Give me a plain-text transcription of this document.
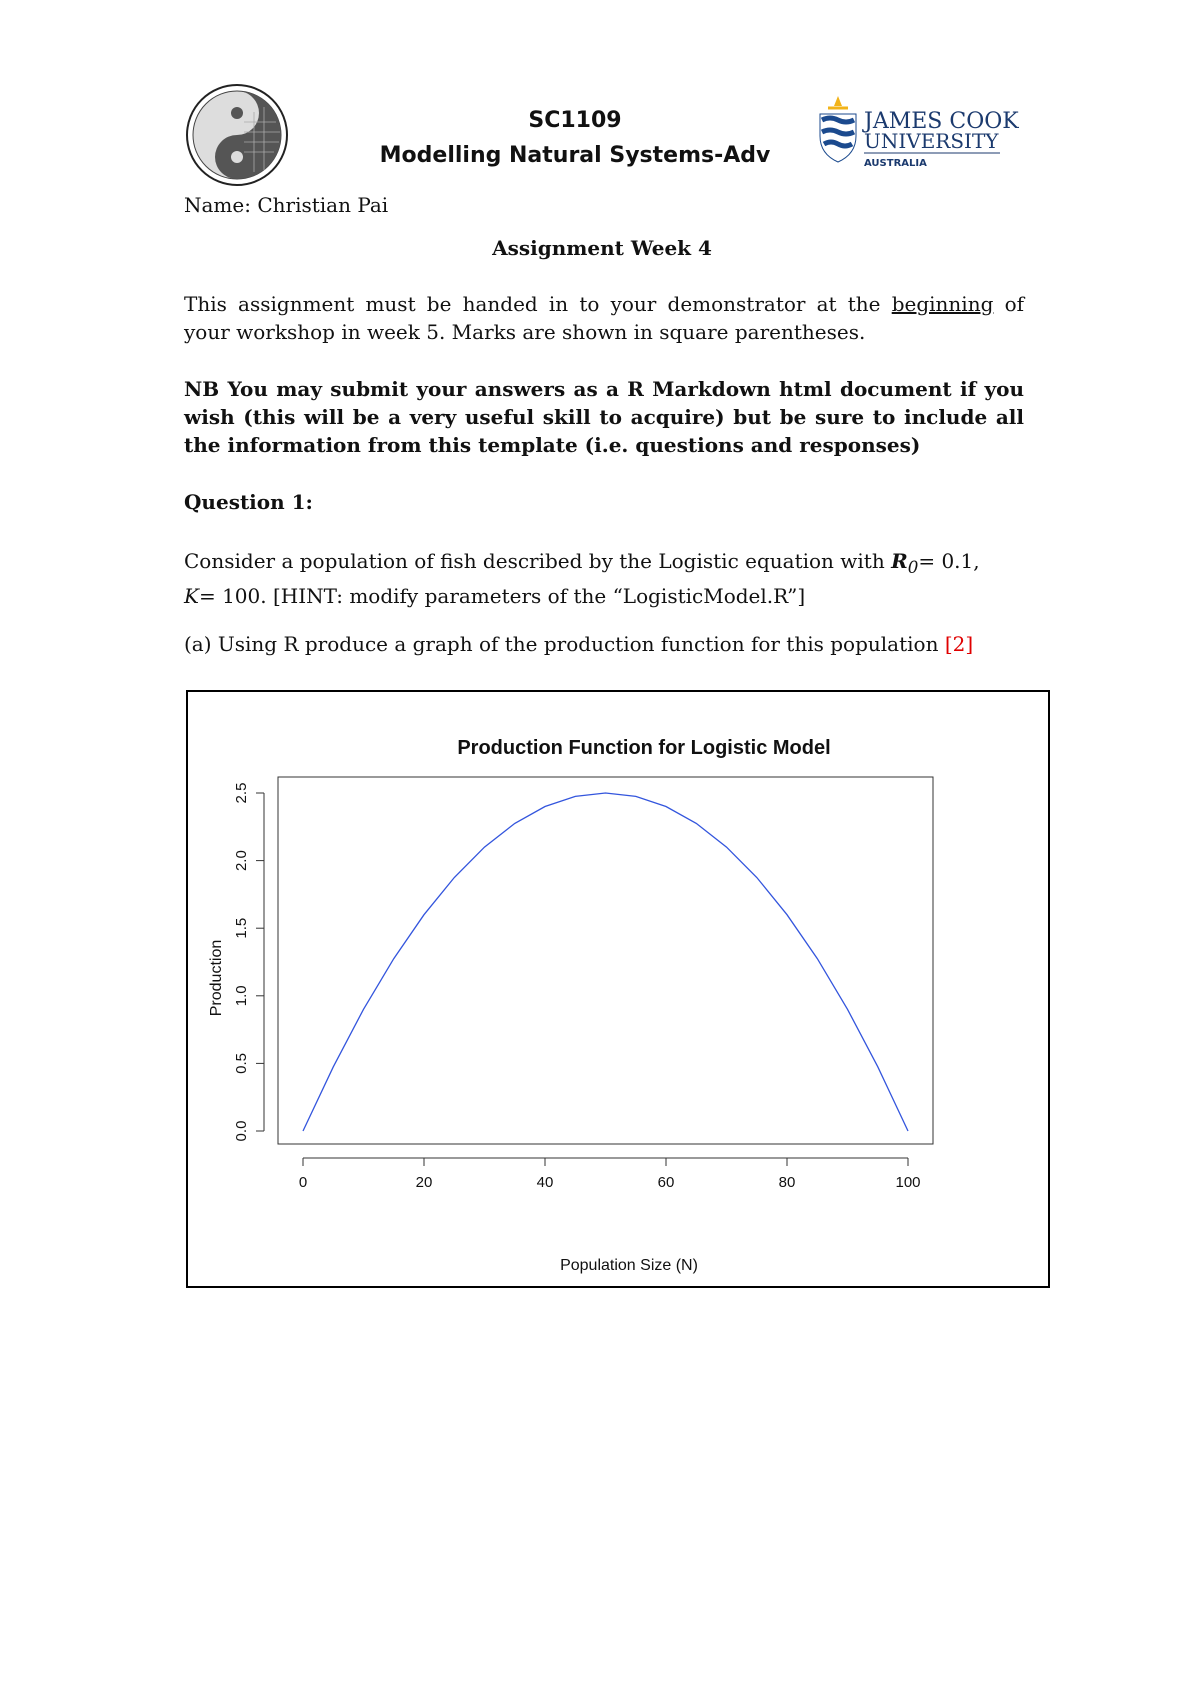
SC1109
Modelling Natural Systems-Adv
JAMES COOK
UNIVERSITY
AUSTRALIA
Name: Christian Pai
Assignment Week 4
This assignment must be handed in to your demonstrator at the beginning of
your workshop in week 5. Marks are shown in square parentheses.
NB You may submit your answers as a R Markdown html document if you
wish (this will be a very useful skill to acquire) but be sure to include all
the information from this template (i.e. questions and responses)
Question 1:
Consider a population of fish described by the Logistic equation with $R_0= 0.1$,
K= 100. [HINT: modify parameters of the “LogisticModel.R”]
(a) Using R produce a graph of the production function for this population [2]
Production Function for Logistic Model
0	20	40	60	80	100
0.0
0.5
1.0
1.5
2.0
2.5
Population Size (N)
Production
